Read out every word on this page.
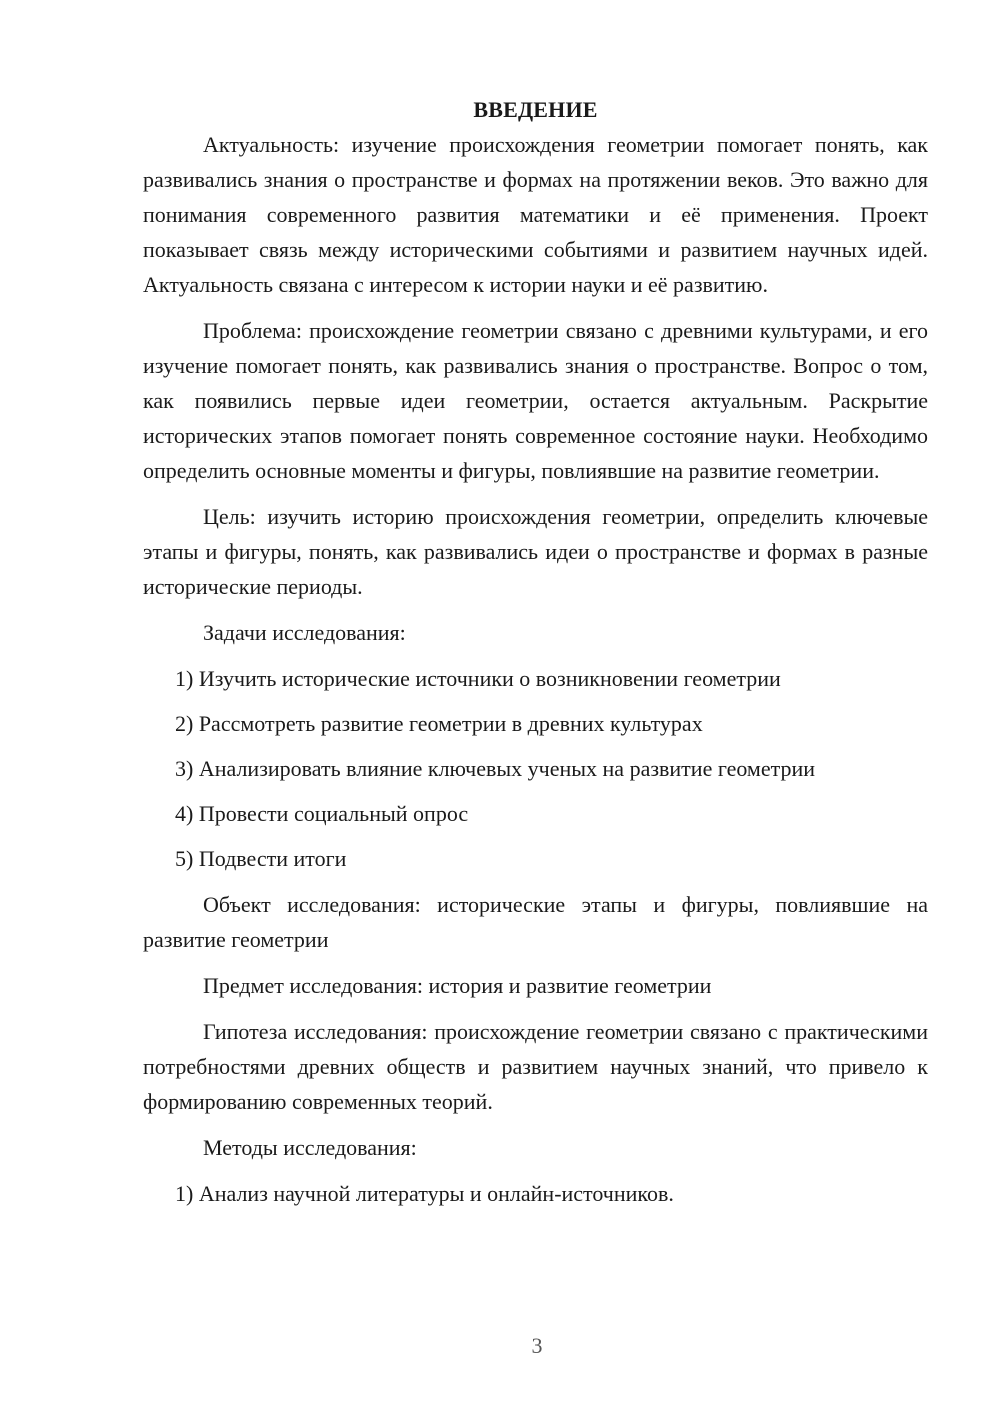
ВВЕДЕНИЕ

Актуальность: изучение происхождения геометрии помогает понять, как развивались знания о пространстве и формах на протяжении веков. Это важно для понимания современного развития математики и её применения. Проект показывает связь между историческими событиями и развитием научных идей. Актуальность связана с интересом к истории науки и её развитию.

Проблема: происхождение геометрии связано с древними культурами, и его изучение помогает понять, как развивались знания о пространстве. Вопрос о том, как появились первые идеи геометрии, остается актуальным. Раскрытие исторических этапов помогает понять современное состояние науки. Необходимо определить основные моменты и фигуры, повлиявшие на развитие геометрии.

Цель: изучить историю происхождения геометрии, определить ключевые этапы и фигуры, понять, как развивались идеи о пространстве и формах в разные исторические периоды.

Задачи исследования:

1) Изучить исторические источники о возникновении геометрии

2) Рассмотреть развитие геометрии в древних культурах

3) Анализировать влияние ключевых ученых на развитие геометрии

4) Провести социальный опрос

5) Подвести итоги

Объект исследования: исторические этапы и фигуры, повлиявшие на развитие геометрии

Предмет исследования: история и развитие геометрии

Гипотеза исследования: происхождение геометрии связано с практическими потребностями древних обществ и развитием научных знаний, что привело к формированию современных теорий.

Методы исследования:

1) Анализ научной литературы и онлайн-источников.

3
